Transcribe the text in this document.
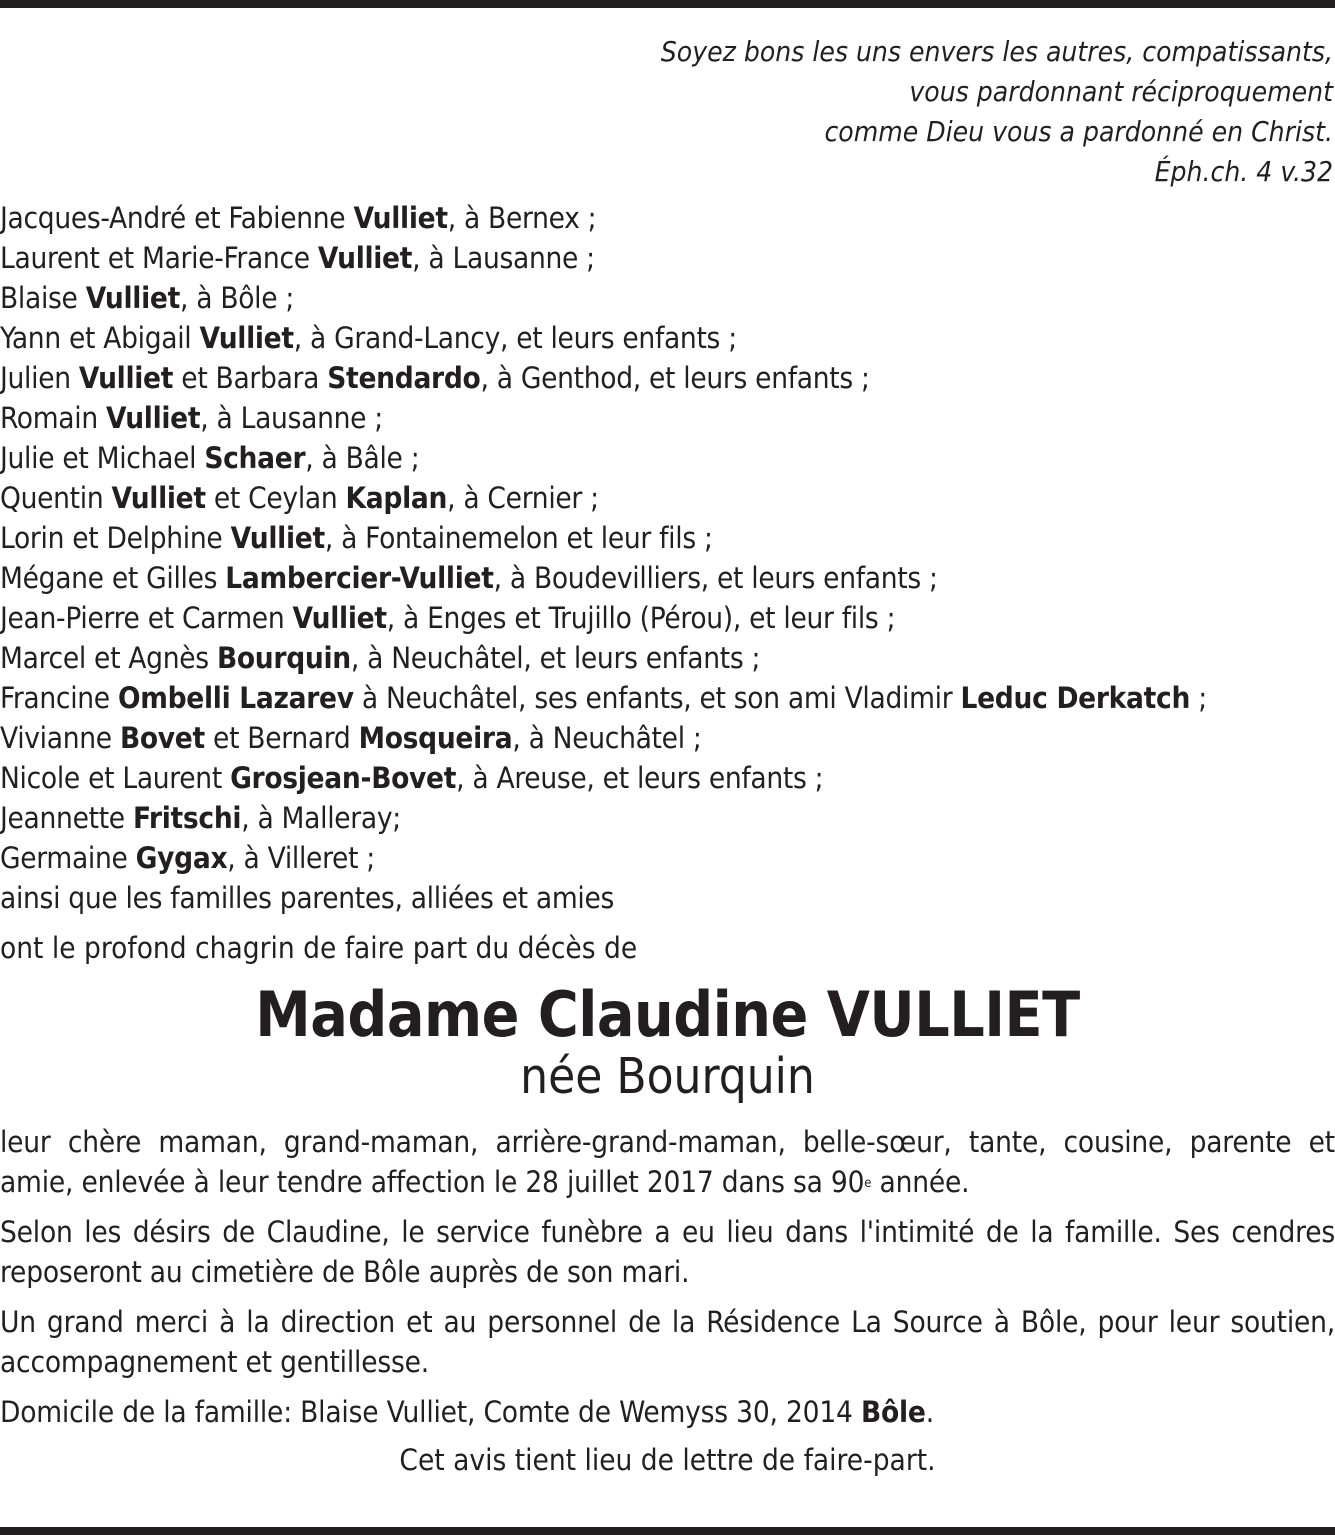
Soyez bons les uns envers les autres, compatissants,
vous pardonnant réciproquement
comme Dieu vous a pardonné en Christ.
Éph.ch. 4 v.32
Jacques-André et Fabienne Vulliet, à Bernex ;
Laurent et Marie-France Vulliet, à Lausanne ;
Blaise Vulliet, à Bôle ;
Yann et Abigail Vulliet, à Grand-Lancy, et leurs enfants ;
Julien Vulliet et Barbara Stendardo, à Genthod, et leurs enfants ;
Romain Vulliet, à Lausanne ;
Julie et Michael Schaer, à Bâle ;
Quentin Vulliet et Ceylan Kaplan, à Cernier ;
Lorin et Delphine Vulliet, à Fontainemelon et leur fils ;
Mégane et Gilles Lambercier-Vulliet, à Boudevilliers, et leurs enfants ;
Jean-Pierre et Carmen Vulliet, à Enges et Trujillo (Pérou), et leur fils ;
Marcel et Agnès Bourquin, à Neuchâtel, et leurs enfants ;
Francine Ombelli Lazarev à Neuchâtel, ses enfants, et son ami Vladimir Leduc Derkatch ;
Vivianne Bovet et Bernard Mosqueira, à Neuchâtel ;
Nicole et Laurent Grosjean-Bovet, à Areuse, et leurs enfants ;
Jeannette Fritschi, à Malleray;
Germaine Gygax, à Villeret ;
ainsi que les familles parentes, alliées et amies
ont le profond chagrin de faire part du décès de
Madame Claudine VULLIET
née Bourquin
leur chère maman, grand-maman, arrière-grand-maman, belle-sœur, tante, cousine, parente et amie, enlevée à leur tendre affection le 28 juillet 2017 dans sa 90e année.
Selon les désirs de Claudine, le service funèbre a eu lieu dans l'intimité de la famille. Ses cendres reposeront au cimetière de Bôle auprès de son mari.
Un grand merci à la direction et au personnel de la Résidence La Source à Bôle, pour leur soutien, accompagnement et gentillesse.
Domicile de la famille: Blaise Vulliet, Comte de Wemyss 30, 2014 Bôle.
Cet avis tient lieu de lettre de faire-part.
